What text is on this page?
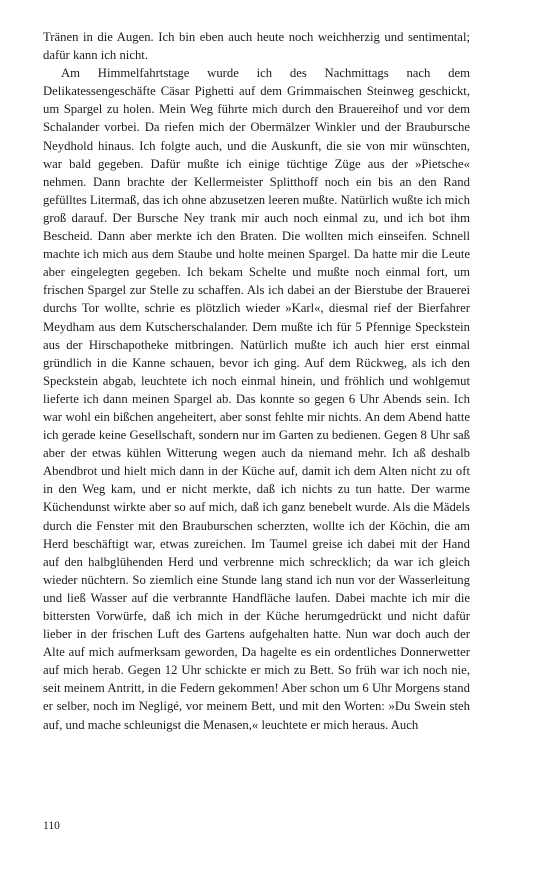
Tränen in die Augen. Ich bin eben auch heute noch weichherzig und sentimental; dafür kann ich nicht.

Am Himmelfahrtstage wurde ich des Nachmittags nach dem Delikatessengeschäfte Cäsar Pighetti auf dem Grimmaischen Steinweg geschickt, um Spargel zu holen. Mein Weg führte mich durch den Brauereihof und vor dem Schalander vorbei. Da riefen mich der Obermälzer Winkler und der Braubursche Neydhold hinaus. Ich folgte auch, und die Auskunft, die sie von mir wünschten, war bald gegeben. Dafür mußte ich einige tüchtige Züge aus der »Pietsche« nehmen. Dann brachte der Kellermeister Splitthoff noch ein bis an den Rand gefülltes Litermaß, das ich ohne abzusetzen leeren mußte. Natürlich wußte ich mich groß darauf. Der Bursche Ney trank mir auch noch einmal zu, und ich bot ihm Bescheid. Dann aber merkte ich den Braten. Die wollten mich einseifen. Schnell machte ich mich aus dem Staube und holte meinen Spargel. Da hatte mir die Leute aber eingelegten gegeben. Ich bekam Schelte und mußte noch einmal fort, um frischen Spargel zur Stelle zu schaffen. Als ich dabei an der Bierstube der Brauerei durchs Tor wollte, schrie es plötzlich wieder »Karl«, diesmal rief der Bierfahrer Meydham aus dem Kutscherschalander. Dem mußte ich für 5 Pfennige Speckstein aus der Hirschapotheke mitbringen. Natürlich mußte ich auch hier erst einmal gründlich in die Kanne schauen, bevor ich ging. Auf dem Rückweg, als ich den Speckstein abgab, leuchtete ich noch einmal hinein, und fröhlich und wohlgemut lieferte ich dann meinen Spargel ab. Das konnte so gegen 6 Uhr Abends sein. Ich war wohl ein bißchen angeheitert, aber sonst fehlte mir nichts. An dem Abend hatte ich gerade keine Gesellschaft, sondern nur im Garten zu bedienen. Gegen 8 Uhr saß aber der etwas kühlen Witterung wegen auch da niemand mehr. Ich aß deshalb Abendbrot und hielt mich dann in der Küche auf, damit ich dem Alten nicht zu oft in den Weg kam, und er nicht merkte, daß ich nichts zu tun hatte. Der warme Küchendunst wirkte aber so auf mich, daß ich ganz benebelt wurde. Als die Mädels durch die Fenster mit den Brauburschen scherzten, wollte ich der Köchin, die am Herd beschäftigt war, etwas zureichen. Im Taumel greise ich dabei mit der Hand auf den halbglühenden Herd und verbrenne mich schrecklich; da war ich gleich wieder nüchtern. So ziemlich eine Stunde lang stand ich nun vor der Wasserleitung und ließ Wasser auf die verbrannte Handfläche laufen. Dabei machte ich mir die bittersten Vorwürfe, daß ich mich in der Küche herumgedrückt und nicht dafür lieber in der frischen Luft des Gartens aufgehalten hatte. Nun war doch auch der Alte auf mich aufmerksam geworden, Da hagelte es ein ordentliches Donnerwetter auf mich herab. Gegen 12 Uhr schickte er mich zu Bett. So früh war ich noch nie, seit meinem Antritt, in die Federn gekommen! Aber schon um 6 Uhr Morgens stand er selber, noch im Negligé, vor meinem Bett, und mit den Worten: »Du Swein steh auf, und mache schleunigst die Menasen,« leuchtete er mich heraus. Auch

110
